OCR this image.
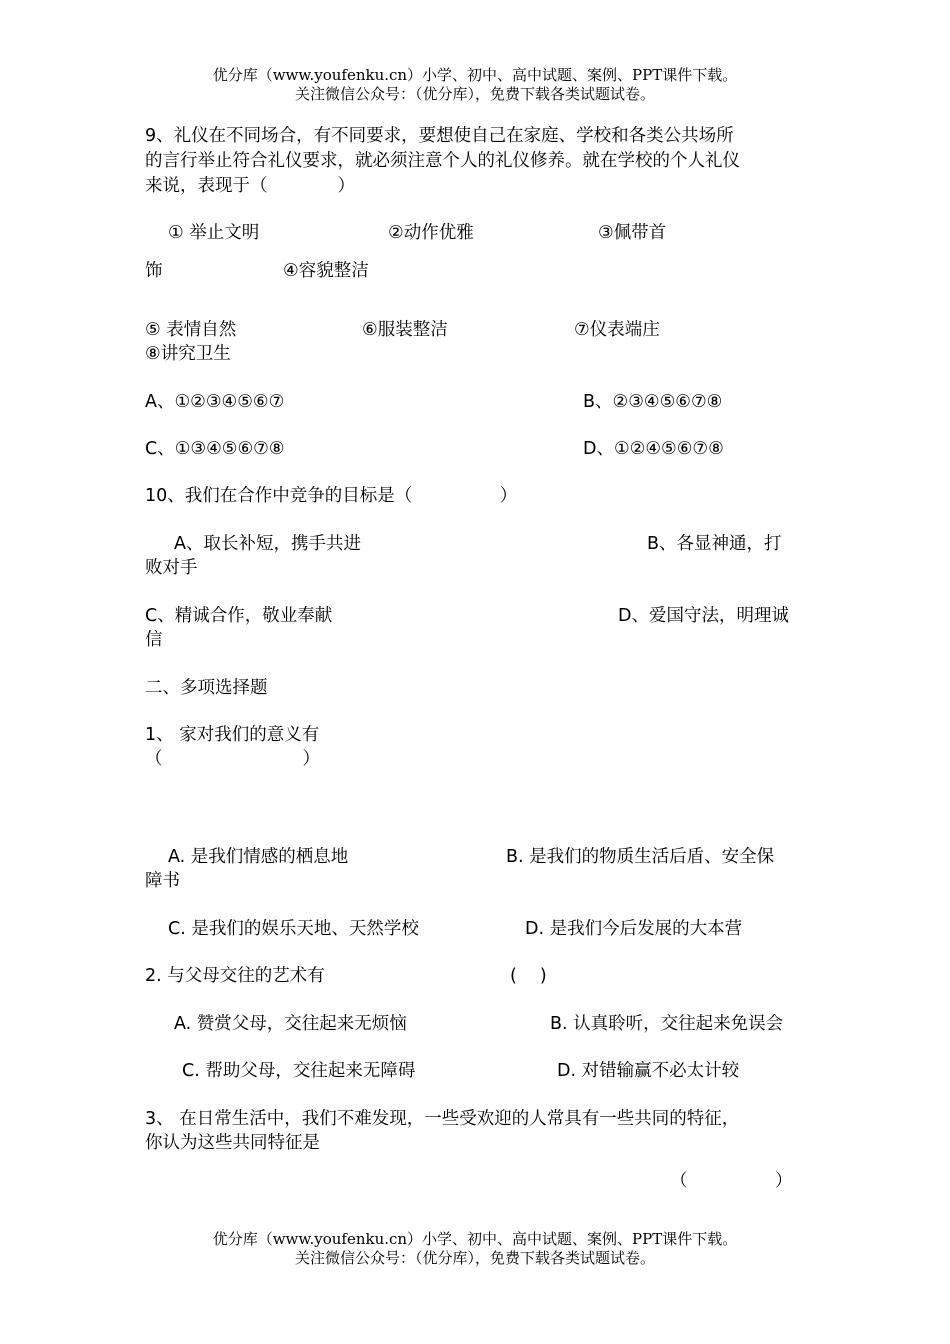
优分库（www.youfenku.cn）小学、初中、高中试题、案例、PPT课件下载。
关注微信公众号：（优分库），免费下载各类试题试卷。
9、礼仪在不同场合，有不同要求，要想使自己在家庭、学校和各类公共场所
的言行举止符合礼仪要求，就必须注意个人的礼仪修养。就在学校的个人礼仪
来说，表现于（　　　　）
① 举止文明	②动作优雅	③佩带首
饰	④容貌整洁
⑤ 表情自然	⑥服装整洁	⑦仪表端庄
⑧讲究卫生
A、①②③④⑤⑥⑦	B、②③④⑤⑥⑦⑧
C、①③④⑤⑥⑦⑧	D、①②④⑤⑥⑦⑧
10、我们在合作中竞争的目标是（　　　　　）
A、取长补短，携手共进	B、各显神通，打
败对手
C、精诚合作，敬业奉献	D、爱国守法，明理诚
信
二、多项选择题
1、 家对我们的意义有
（　　　　　　　　）
A. 是我们情感的栖息地	B. 是我们的物质生活后盾、安全保
障书
C. 是我们的娱乐天地、天然学校	D. 是我们今后发展的大本营
2. 与父母交往的艺术有	(　 )
A. 赞赏父母，交往起来无烦恼	B. 认真聆听，交往起来免误会
C. 帮助父母，交往起来无障碍	D. 对错输赢不必太计较
3、 在日常生活中，我们不难发现，一些受欢迎的人常具有一些共同的特征，
你认为这些共同特征是
（　　　　　）
优分库（www.youfenku.cn）小学、初中、高中试题、案例、PPT课件下载。
关注微信公众号：（优分库），免费下载各类试题试卷。
